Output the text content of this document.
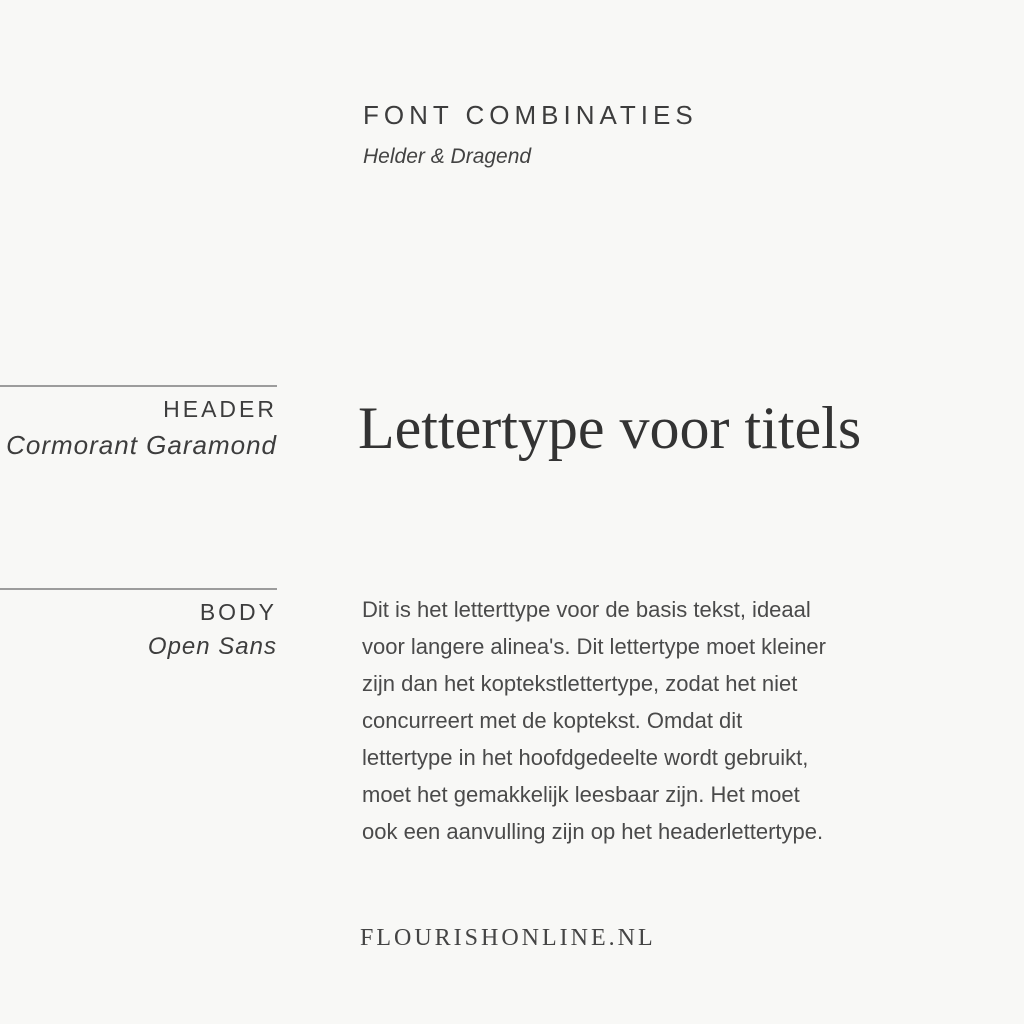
FONT COMBINATIES
Helder & Dragend
HEADER
Cormorant Garamond Lettertype voor titels
BODY
Open Sans
Dit is het letterttype voor de basis tekst, ideaal
voor langere alinea's. Dit lettertype moet kleiner
zijn dan het koptekstlettertype, zodat het niet
concurreert met de koptekst. Omdat dit
lettertype in het hoofdgedeelte wordt gebruikt,
moet het gemakkelijk leesbaar zijn. Het moet
ook een aanvulling zijn op het headerlettertype.
FLOURISHONLINE.NL
